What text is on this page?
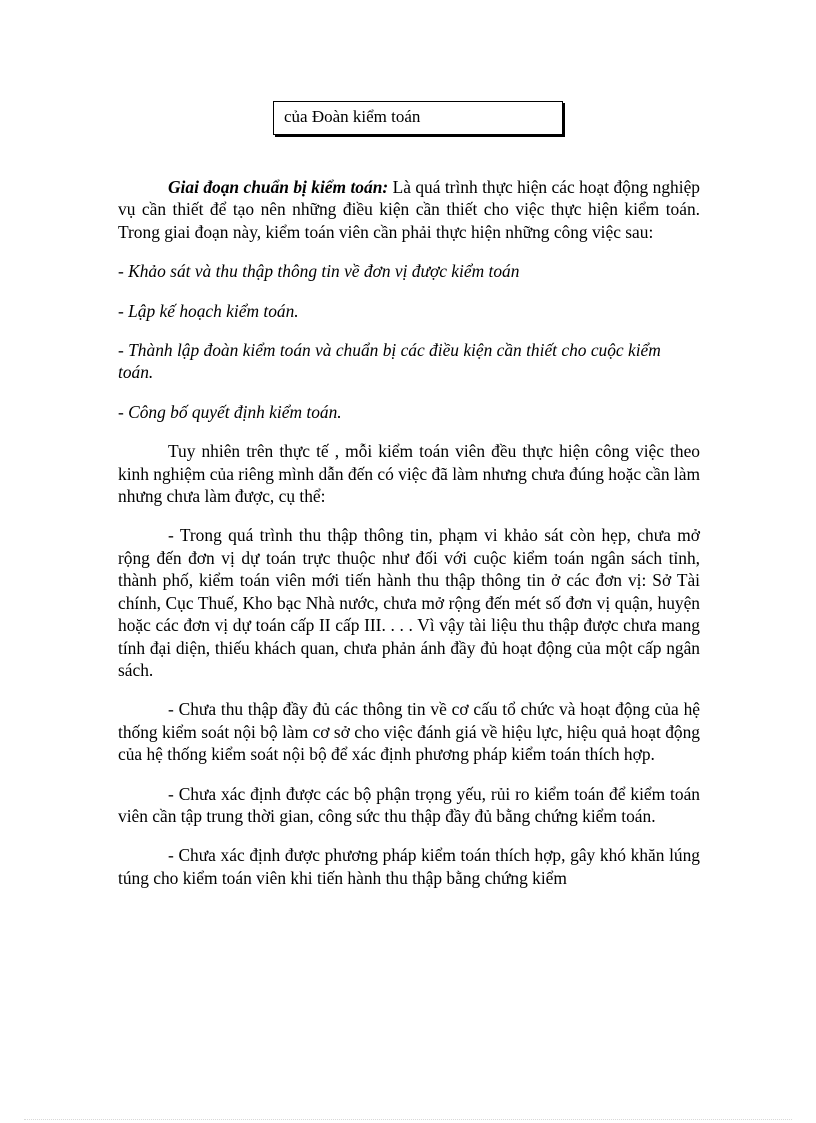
của Đoàn kiểm toán

Giai đoạn chuẩn bị kiểm toán: Là quá trình thực hiện các hoạt động nghiệp vụ cần thiết để tạo nên những điều kiện cần thiết cho việc thực hiện kiểm toán. Trong giai đoạn này, kiểm toán viên cần phải thực hiện những công việc sau:

- Khảo sát và thu thập thông tin về đơn vị được kiểm toán

- Lập kế hoạch kiểm toán.

- Thành lập đoàn kiểm toán và chuẩn bị các điều kiện cần thiết cho cuộc kiểm toán.

- Công bố quyết định kiểm toán.

Tuy nhiên trên thực tế , mỗi kiểm toán viên đều thực hiện công việc theo kinh nghiệm của riêng mình dẫn đến có việc đã làm nhưng chưa đúng hoặc cần làm nhưng chưa làm được, cụ thể:

- Trong quá trình thu thập thông tin, phạm vi khảo sát còn hẹp, chưa mở rộng đến đơn vị dự toán trực thuộc như đối với cuộc kiểm toán ngân sách tỉnh, thành phố, kiểm toán viên mới tiến hành thu thập thông tin ở các đơn vị: Sở Tài chính, Cục Thuế, Kho bạc Nhà nước, chưa mở rộng đến mét số đơn vị quận, huyện hoặc các đơn vị dự toán cấp II cấp III. . . . Vì vậy tài liệu thu thập được chưa mang tính đại diện, thiếu khách quan, chưa phản ánh đầy đủ hoạt động của một cấp ngân sách.

- Chưa thu thập đầy đủ các thông tin về cơ cấu tổ chức và hoạt động của hệ thống kiểm soát nội bộ làm cơ sở cho việc đánh giá về hiệu lực, hiệu quả hoạt động của hệ thống kiểm soát nội bộ để xác định phương pháp kiểm toán thích hợp.

- Chưa xác định được các bộ phận trọng yếu, rủi ro kiểm toán để kiểm toán viên cần tập trung thời gian, công sức thu thập đầy đủ bằng chứng kiểm toán.

- Chưa xác định được phương pháp kiểm toán thích hợp, gây khó khăn lúng túng cho kiểm toán viên khi tiến hành thu thập bằng chứng kiểm
